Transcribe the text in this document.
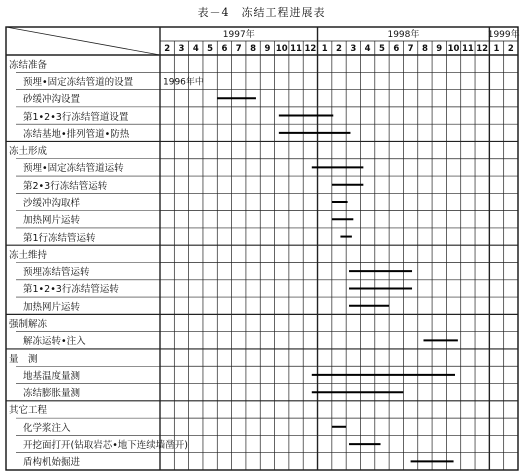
表－4　冻结工程进展表
1997年	1998年	1999年
2 3 4 5 6 7 8 9 10 11 12 1 2 3 4 5 6 7 8 9 10 11 12 1 2
1996年中
冻结准备
预埋•固定冻结管道的设置
砂缓冲沟设置
第1•2•3行冻结管道设置
冻结基地•排列管道•防热
冻土形成
预埋•固定冻结管道运转
第2•3行冻结管运转
沙缓冲沟取样
加热网片运转
第1行冻结管运转
冻土维持
预埋冻结管运转
第1•2•3行冻结管运转
加热网片运转
强制解冻
解冻运转•注入
量　测
地基温度量测
冻结膨胀量测
其它工程
化学浆注入
开挖面打开(钻取岩芯•地下连续墙凿开)
盾构机始掘进
